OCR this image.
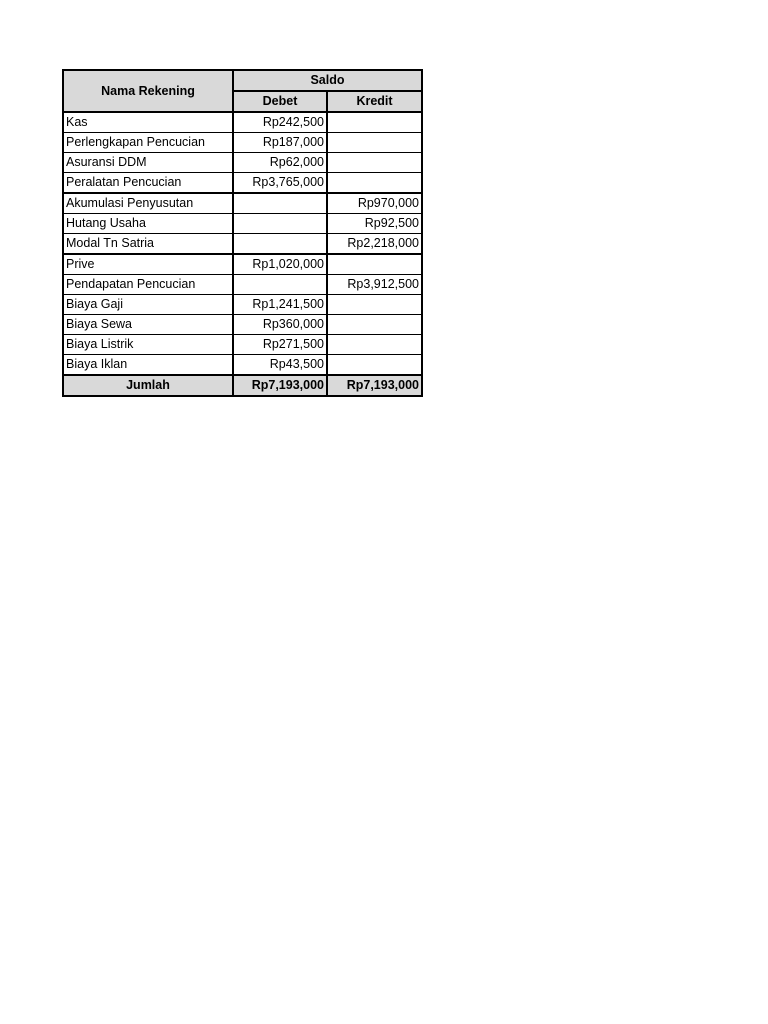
Nama Rekening	Saldo	
	Debet	Kredit
Kas	Rp242,500	
Perlengkapan Pencucian	Rp187,000	
Asuransi DDM	Rp62,000	
Peralatan Pencucian	Rp3,765,000	
Akumulasi Penyusutan		Rp970,000
Hutang Usaha		Rp92,500
Modal Tn Satria		Rp2,218,000
Prive	Rp1,020,000	
Pendapatan Pencucian		Rp3,912,500
Biaya Gaji	Rp1,241,500	
Biaya Sewa	Rp360,000	
Biaya Listrik	Rp271,500	
Biaya Iklan	Rp43,500	
Jumlah	Rp7,193,000	Rp7,193,000
